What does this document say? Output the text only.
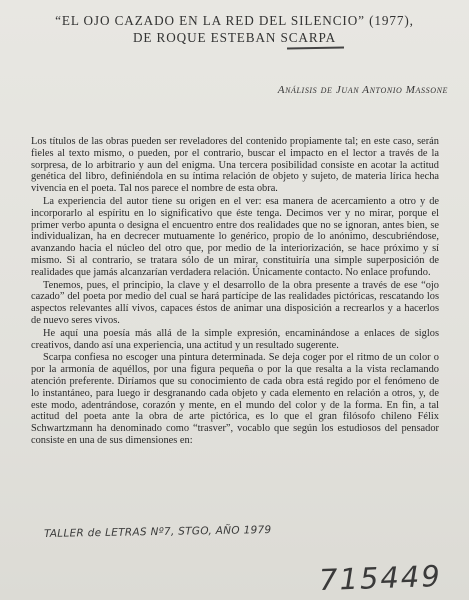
“EL OJO CAZADO EN LA RED DEL SILENCIO” (1977),
DE ROQUE ESTEBAN SCARPA
Análisis de Juan Antonio Massone

Los títulos de las obras pueden ser reveladores del contenido propiamente tal; en este caso, serán fieles al texto mismo, o pueden, por el contrario, buscar el impacto en el lector a través de la sorpresa, de lo arbitrario y aun del enigma. Una tercera posibilidad consiste en acotar la actitud genética del libro, definiéndola en su íntima relación de objeto y sujeto, de materia lírica hecha vivencia en el poeta. Tal nos parece el nombre de esta obra.

La experiencia del autor tiene su origen en el ver: esa manera de acercamiento a otro y de incorporarlo al espíritu en lo significativo que éste tenga. Decimos ver y no mirar, porque el primer verbo apunta o designa el encuentro entre dos realidades que no se ignoran, antes bien, se individualizan, ha en decrecer mutuamente lo genérico, propio de lo anónimo, descubriéndose, avanzando hacia el núcleo del otro que, por medio de la interiorización, se hace próximo y sí mismo. Si al contrario, se tratara sólo de un mirar, constituiría una simple superposición de realidades que jamás alcanzarían verdadera relación. Únicamente contacto. No enlace profundo.

Tenemos, pues, el principio, la clave y el desarrollo de la obra presente a través de ese “ojo cazado” del poeta por medio del cual se hará partícipe de las realidades pictóricas, rescatando los aspectos relevantes allí vivos, capaces éstos de animar una disposición a recrearlos y a hacerlos de nuevo seres vivos.

He aquí una poesía más allá de la simple expresión, encaminándose a enlaces de siglos creativos, dando así una experiencia, una actitud y un resultado sugerente.

Scarpa confiesa no escoger una pintura determinada. Se deja coger por el ritmo de un color o por la armonía de aquéllos, por una figura pequeña o por la que resalta a la vista reclamando atención preferente. Diríamos que su conocimiento de cada obra está regido por el fenómeno de lo instantáneo, para luego ir desgranando cada objeto y cada elemento en relación a otros, y, de este modo, adentrándose, corazón y mente, en el mundo del color y de la forma. En fin, a tal actitud del poeta ante la obra de arte pictórica, es lo que el gran filósofo chileno Félix Schwartzmann ha denominado como “trasver”, vocablo que según los estudiosos del pensador consiste en una de sus dimensiones en:

TALLER de LETRAS Nº7, STGO, AÑO 1979
715449
